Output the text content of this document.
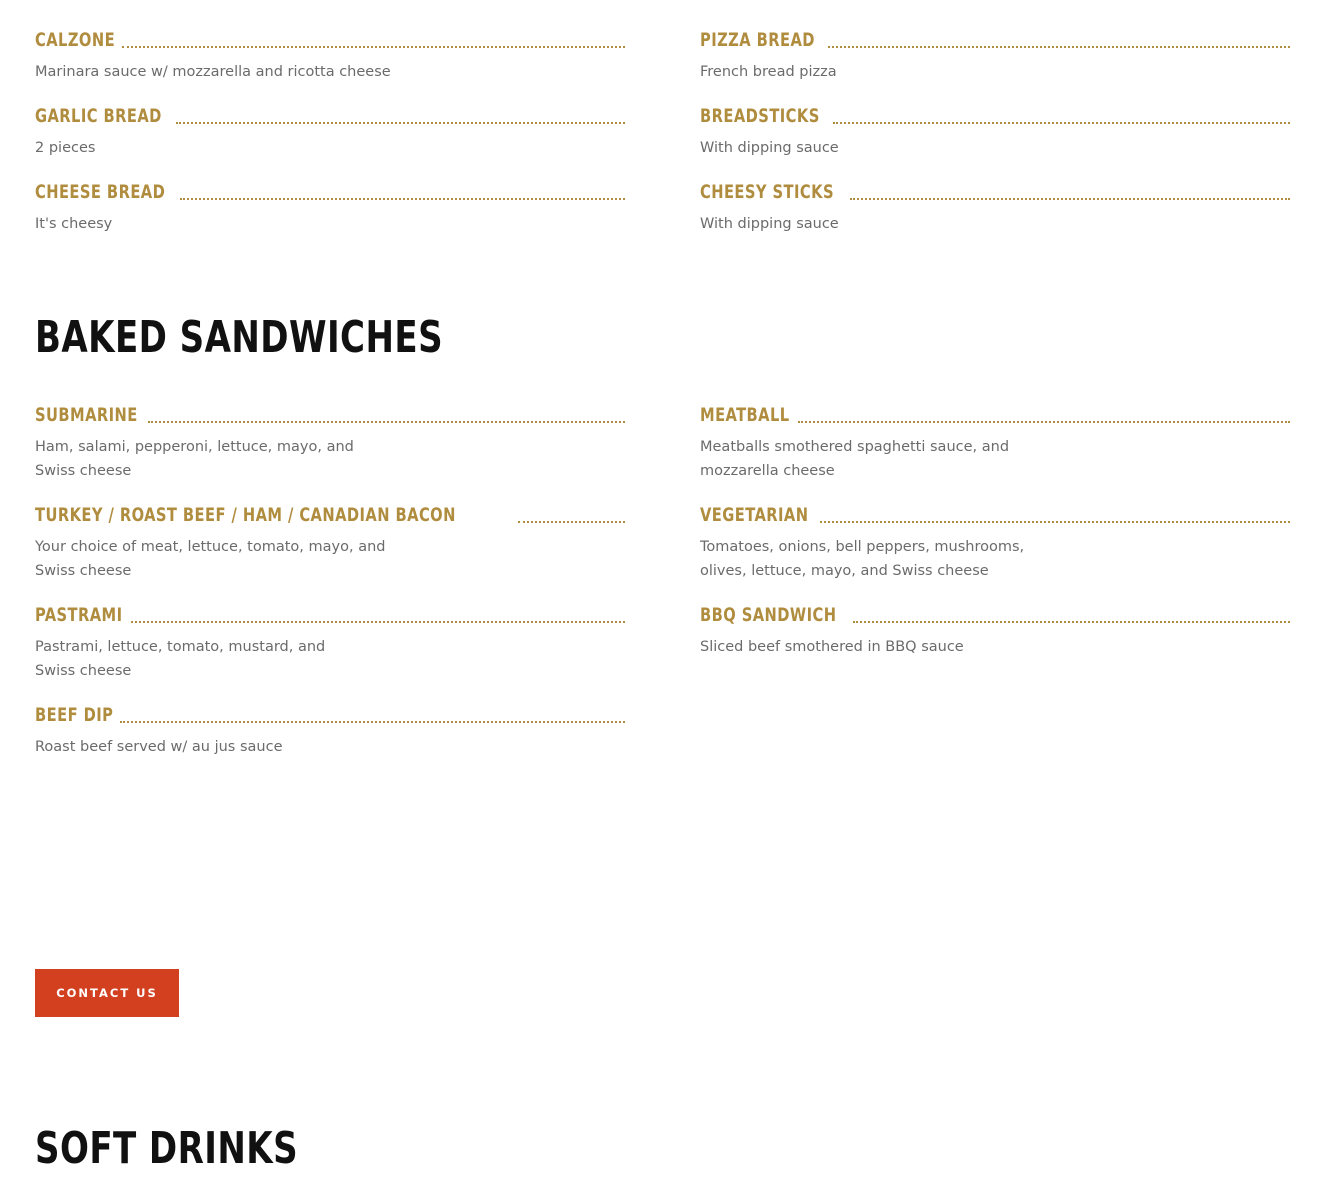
CALZONE
Marinara sauce w/ mozzarella and ricotta cheese
GARLIC BREAD
2 pieces
CHEESE BREAD
It's cheesy
PIZZA BREAD
French bread pizza
BREADSTICKS
With dipping sauce
CHEESY STICKS
With dipping sauce
BAKED SANDWICHES
SUBMARINE
Ham, salami, pepperoni, lettuce, mayo, and Swiss cheese
TURKEY / ROAST BEEF / HAM / CANADIAN BACON
Your choice of meat, lettuce, tomato, mayo, and Swiss cheese
PASTRAMI
Pastrami, lettuce, tomato, mustard, and Swiss cheese
BEEF DIP
Roast beef served w/ au jus sauce
MEATBALL
Meatballs smothered spaghetti sauce, and mozzarella cheese
VEGETARIAN
Tomatoes, onions, bell peppers, mushrooms, olives, lettuce, mayo, and Swiss cheese
BBQ SANDWICH
Sliced beef smothered in BBQ sauce
CONTACT US
SOFT DRINKS
